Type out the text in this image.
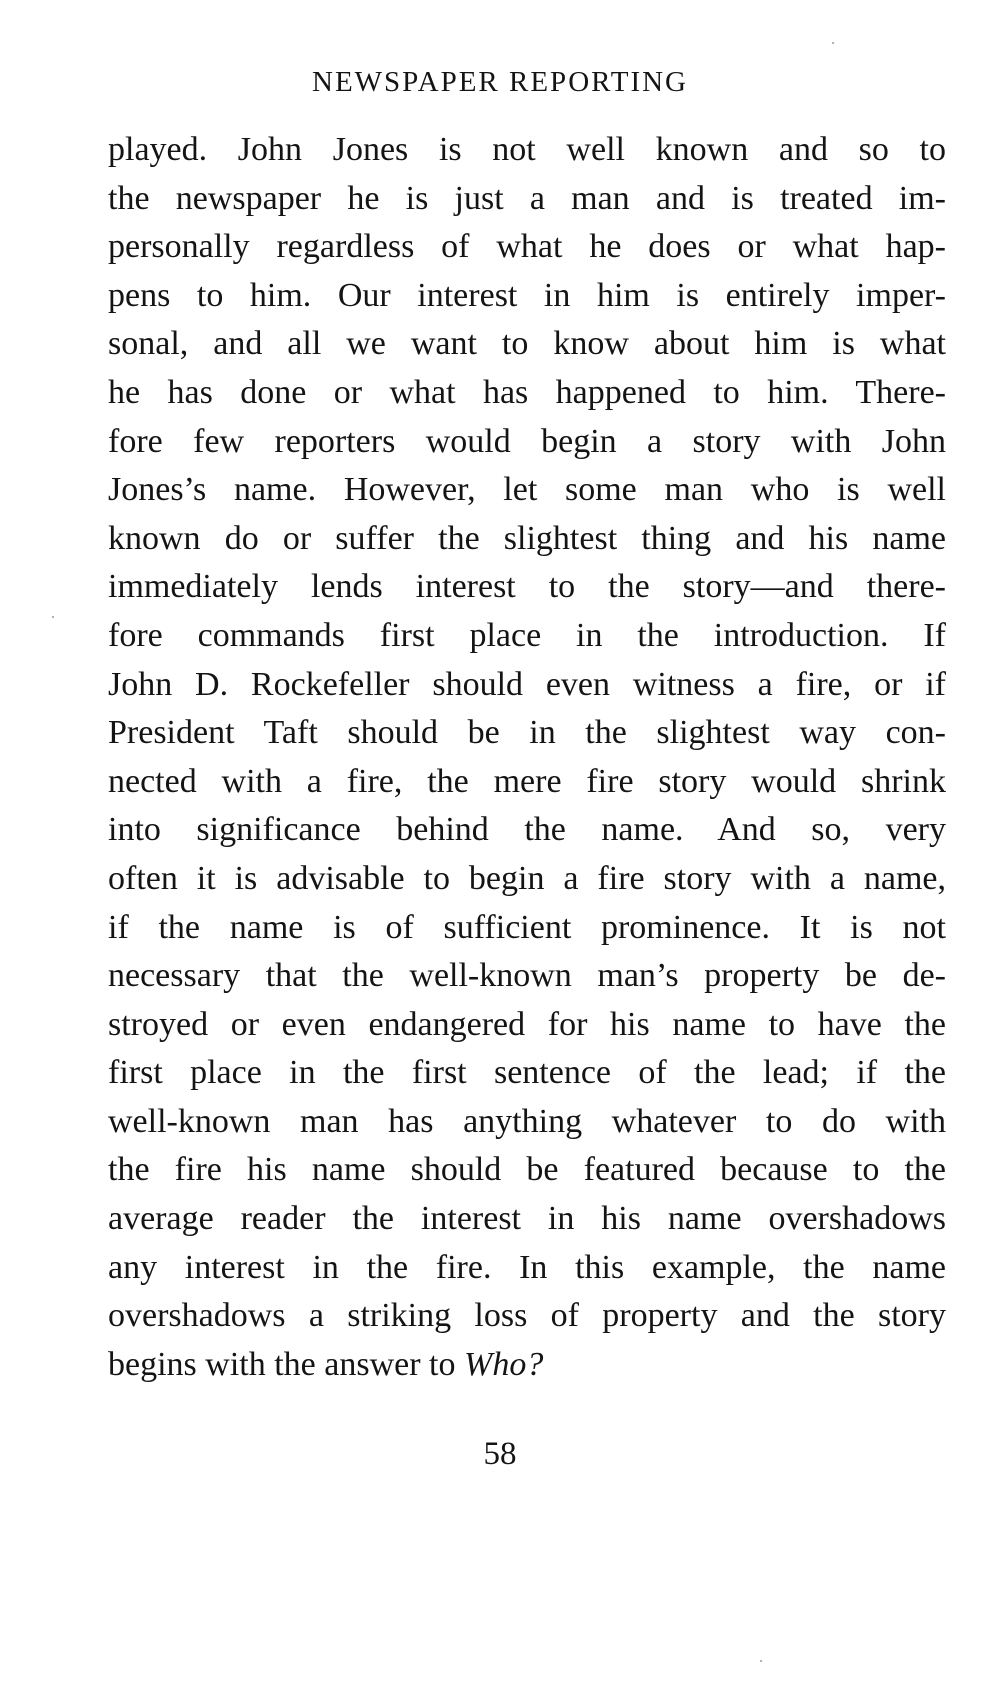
NEWSPAPER REPORTING
played. John Jones is not well known and so to
the newspaper he is just a man and is treated im-
personally regardless of what he does or what hap-
pens to him. Our interest in him is entirely imper-
sonal, and all we want to know about him is what
he has done or what has happened to him. There-
fore few reporters would begin a story with John
Jones’s name. However, let some man who is well
known do or suffer the slightest thing and his name
immediately lends interest to the story—and there-
fore commands first place in the introduction. If
John D. Rockefeller should even witness a fire, or if
President Taft should be in the slightest way con-
nected with a fire, the mere fire story would shrink
into significance behind the name. And so, very
often it is advisable to begin a fire story with a name,
if the name is of sufficient prominence. It is not
necessary that the well-known man’s property be de-
stroyed or even endangered for his name to have the
first place in the first sentence of the lead; if the
well-known man has anything whatever to do with
the fire his name should be featured because to the
average reader the interest in his name overshadows
any interest in the fire. In this example, the name
overshadows a striking loss of property and the story
begins with the answer to Who?
58
